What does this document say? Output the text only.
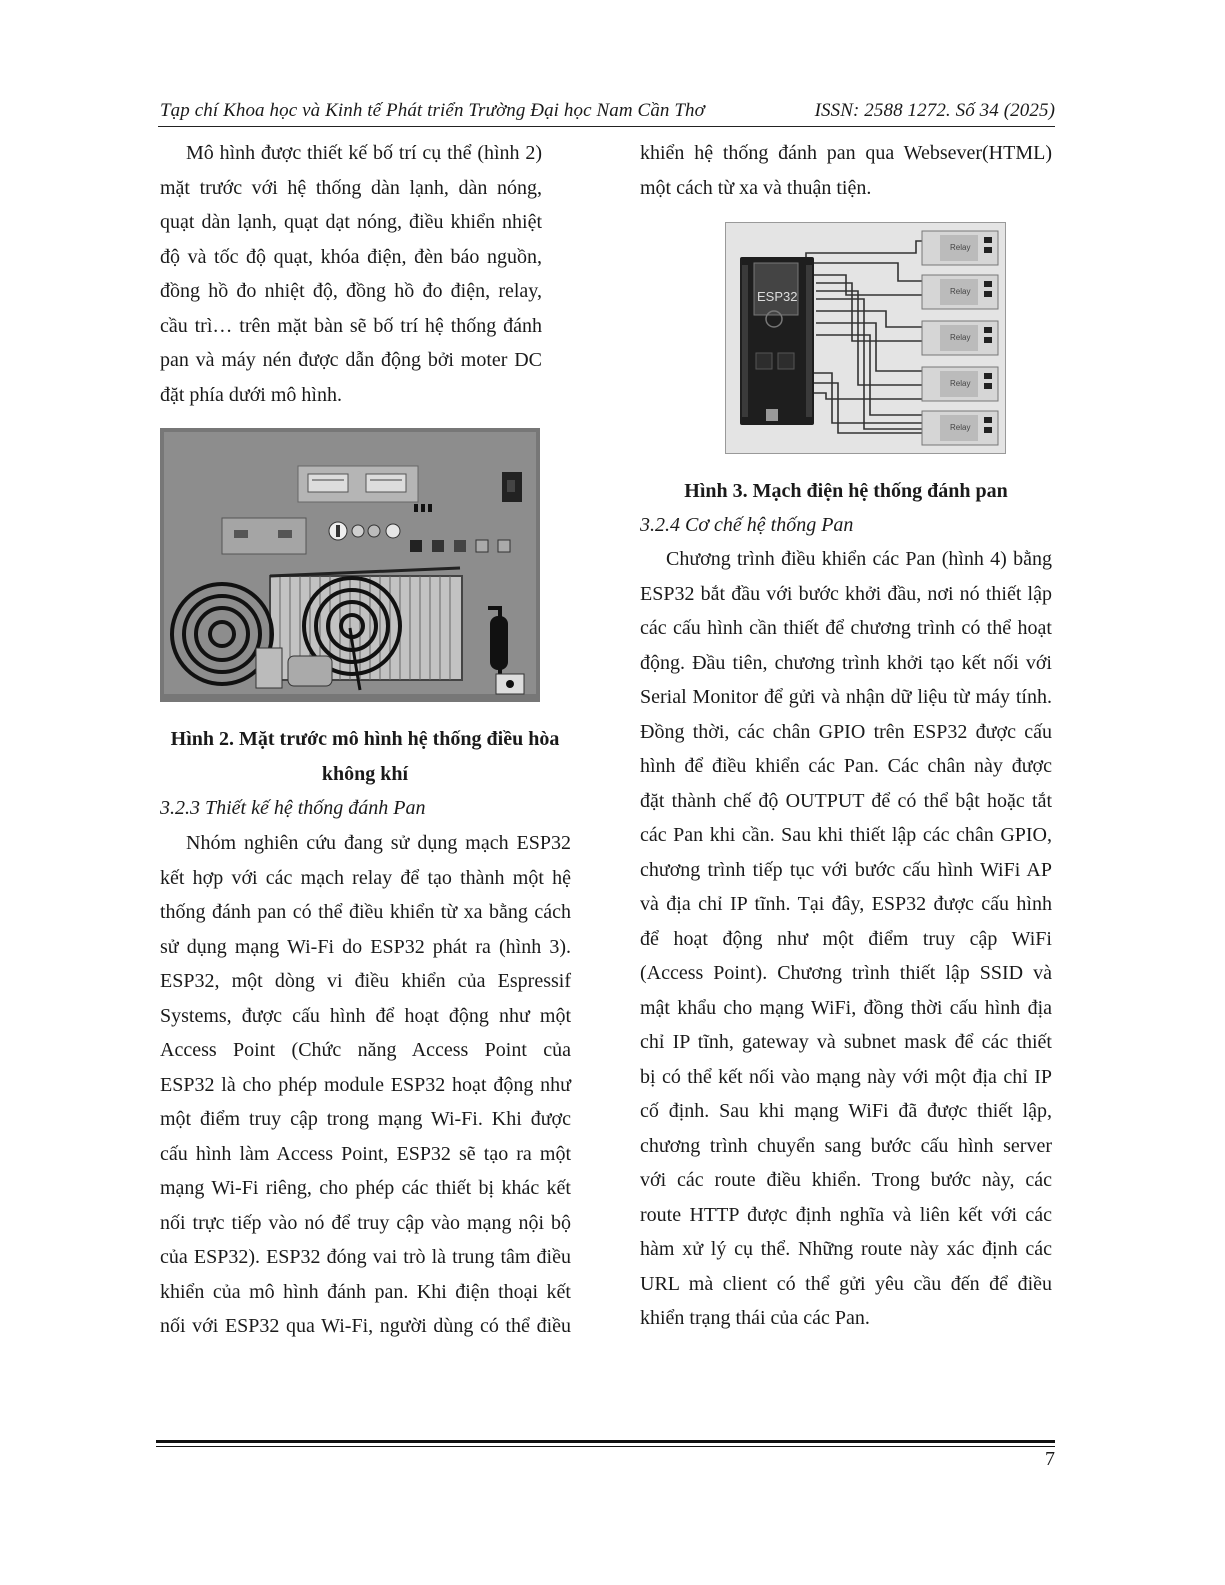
Tạp chí Khoa học và Kinh tế Phát triển Trường Đại học Nam Cần Thơ	ISSN: 2588 1272. Số 34 (2025)

Mô hình được thiết kế bố trí cụ thể (hình 2)

mặt trước với hệ thống dàn lạnh, dàn nóng,

quạt dàn lạnh, quạt dạt nóng, điều khiển nhiệt

độ và tốc độ quạt, khóa điện, đèn báo nguồn,

đồng hồ đo nhiệt độ, đồng hồ đo điện, relay,

cầu trì… trên mặt bàn sẽ bố trí hệ thống đánh

pan và máy nén được dẫn động bởi moter DC

đặt phía dưới mô hình.

Hình 2. Mặt trước mô hình hệ thống điều hòa
không khí
3.2.3 Thiết kế hệ thống đánh Pan

Nhóm nghiên cứu đang sử dụng mạch ESP32

kết hợp với các mạch relay để tạo thành một hệ

thống đánh pan có thể điều khiển từ xa bằng cách

sử dụng mạng Wi-Fi do ESP32 phát ra (hình 3).

ESP32, một dòng vi điều khiển của Espressif

Systems, được cấu hình để hoạt động như một

Access Point (Chức năng Access Point của

ESP32 là cho phép module ESP32 hoạt động như

một điểm truy cập trong mạng Wi-Fi. Khi được

cấu hình làm Access Point, ESP32 sẽ tạo ra một

mạng Wi-Fi riêng, cho phép các thiết bị khác kết

nối trực tiếp vào nó để truy cập vào mạng nội bộ

của ESP32). ESP32 đóng vai trò là trung tâm điều

khiển của mô hình đánh pan. Khi điện thoại kết

nối với ESP32 qua Wi-Fi, người dùng có thể điều

khiển hệ thống đánh pan qua Websever(HTML)

một cách từ xa và thuận tiện.

ESP32
Relay
Relay
Relay
Relay
Relay
Hình 3. Mạch điện hệ thống đánh pan
3.2.4 Cơ chế hệ thống Pan

Chương trình điều khiển các Pan (hình 4) bằng

ESP32 bắt đầu với bước khởi đầu, nơi nó thiết lập

các cấu hình cần thiết để chương trình có thể hoạt

động. Đầu tiên, chương trình khởi tạo kết nối với

Serial Monitor để gửi và nhận dữ liệu từ máy tính.

Đồng thời, các chân GPIO trên ESP32 được cấu

hình để điều khiển các Pan. Các chân này được

đặt thành chế độ OUTPUT để có thể bật hoặc tắt

các Pan khi cần. Sau khi thiết lập các chân GPIO,

chương trình tiếp tục với bước cấu hình WiFi AP

và địa chỉ IP tĩnh. Tại đây, ESP32 được cấu hình

để hoạt động như một điểm truy cập WiFi

(Access Point). Chương trình thiết lập SSID và

mật khẩu cho mạng WiFi, đồng thời cấu hình địa

chỉ IP tĩnh, gateway và subnet mask để các thiết

bị có thể kết nối vào mạng này với một địa chỉ IP

cố định. Sau khi mạng WiFi đã được thiết lập,

chương trình chuyển sang bước cấu hình server

với các route điều khiển. Trong bước này, các

route HTTP được định nghĩa và liên kết với các

hàm xử lý cụ thể. Những route này xác định các

URL mà client có thể gửi yêu cầu đến để điều

khiển trạng thái của các Pan.

7
